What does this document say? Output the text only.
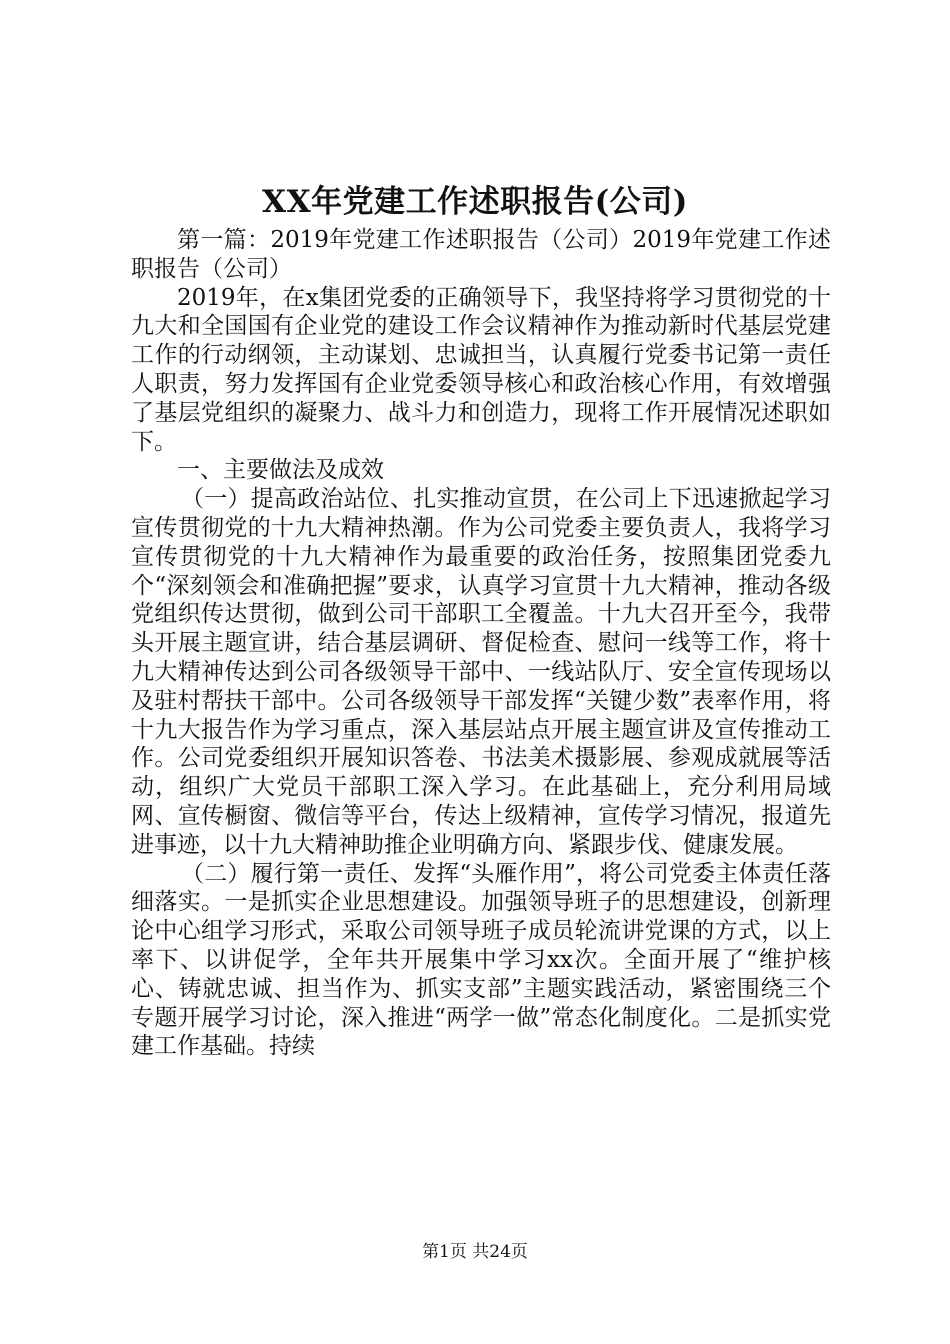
XX年党建工作述职报告(公司)

第一篇：2019年党建工作述职报告（公司）2019年党建工作述职报告（公司）

2019年，在x集团党委的正确领导下，我坚持将学习贯彻党的十九大和全国国有企业党的建设工作会议精神作为推动新时代基层党建工作的行动纲领，主动谋划、忠诚担当，认真履行党委书记第一责任人职责，努力发挥国有企业党委领导核心和政治核心作用，有效增强了基层党组织的凝聚力、战斗力和创造力，现将工作开展情况述职如下。

一、主要做法及成效

（一）提高政治站位、扎实推动宣贯，在公司上下迅速掀起学习宣传贯彻党的十九大精神热潮。作为公司党委主要负责人，我将学习宣传贯彻党的十九大精神作为最重要的政治任务，按照集团党委九个“深刻领会和准确把握”要求，认真学习宣贯十九大精神，推动各级党组织传达贯彻，做到公司干部职工全覆盖。十九大召开至今，我带头开展主题宣讲，结合基层调研、督促检查、慰问一线等工作，将十九大精神传达到公司各级领导干部中、一线站队厅、安全宣传现场以及驻村帮扶干部中。公司各级领导干部发挥“关键少数”表率作用，将十九大报告作为学习重点，深入基层站点开展主题宣讲及宣传推动工作。公司党委组织开展知识答卷、书法美术摄影展、参观成就展等活动，组织广大党员干部职工深入学习。在此基础上，充分利用局域网、宣传橱窗、微信等平台，传达上级精神，宣传学习情况，报道先进事迹，以十九大精神助推企业明确方向、紧跟步伐、健康发展。

（二）履行第一责任、发挥“头雁作用”，将公司党委主体责任落细落实。一是抓实企业思想建设。加强领导班子的思想建设，创新理论中心组学习形式，采取公司领导班子成员轮流讲党课的方式，以上率下、以讲促学，全年共开展集中学习xx次。全面开展了“维护核心、铸就忠诚、担当作为、抓实支部”主题实践活动，紧密围绕三个专题开展学习讨论，深入推进“两学一做”常态化制度化。二是抓实党建工作基础。持续

第1页 共24页
